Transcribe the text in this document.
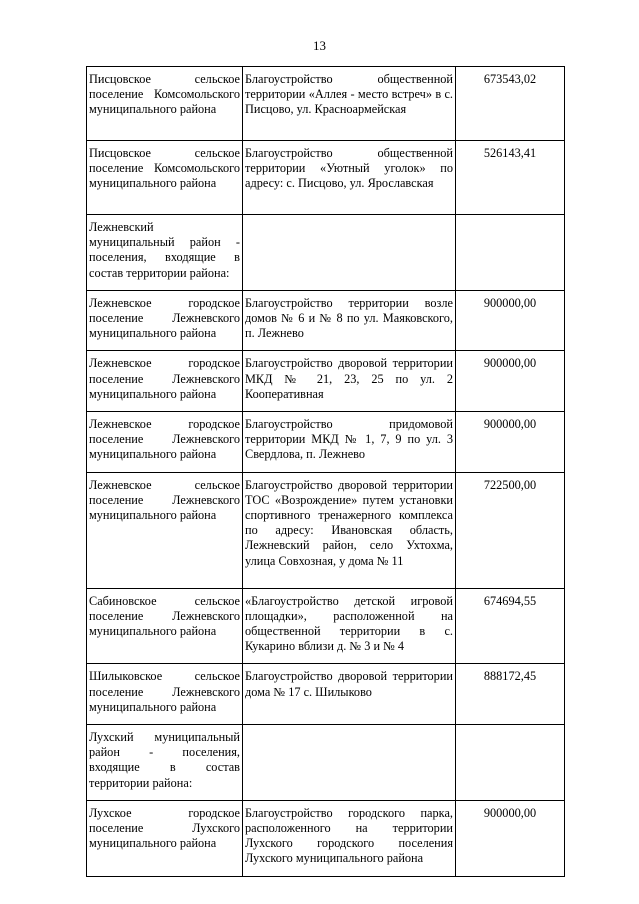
13
Писцовское сельское поселение Комсомольского муниципального района	Благоустройство общественной территории «Аллея - место встреч» в с. Писцово, ул. Красноармейская	673543,02
Писцовское сельское поселение Комсомольского муниципального района	Благоустройство общественной территории «Уютный уголок» по адресу: с. Писцово, ул. Ярославская	526143,41
Лежневский муниципальный район - поселения, входящие в состав территории района:		
Лежневское городское поселение Лежневского муниципального района	Благоустройство территории возле домов № 6 и № 8 по ул. Маяковского, п. Лежнево	900000,00
Лежневское городское поселение Лежневского муниципального района	Благоустройство дворовой территории МКД № 21, 23, 25 по ул. 2 Кооперативная	900000,00
Лежневское городское поселение Лежневского муниципального района	Благоустройство придомовой территории МКД № 1, 7, 9 по ул. 3 Свердлова, п. Лежнево	900000,00
Лежневское сельское поселение Лежневского муниципального района	Благоустройство дворовой территории ТОС «Возрождение» путем установки спортивного тренажерного комплекса по адресу: Ивановская область, Лежневский район, село Ухтохма, улица Совхозная, у дома № 11	722500,00
Сабиновское сельское поселение Лежневского муниципального района	«Благоустройство детской игровой площадки», расположенной на общественной территории в с. Кукарино вблизи д. № 3 и № 4	674694,55
Шилыковское сельское поселение Лежневского муниципального района	Благоустройство дворовой территории дома № 17 с. Шилыково	888172,45
Лухский муниципальный район - поселения, входящие в состав территории района:		
Лухское городское поселение Лухского муниципального района	Благоустройство городского парка, расположенного на территории Лухского городского поселения Лухского муниципального района	900000,00
